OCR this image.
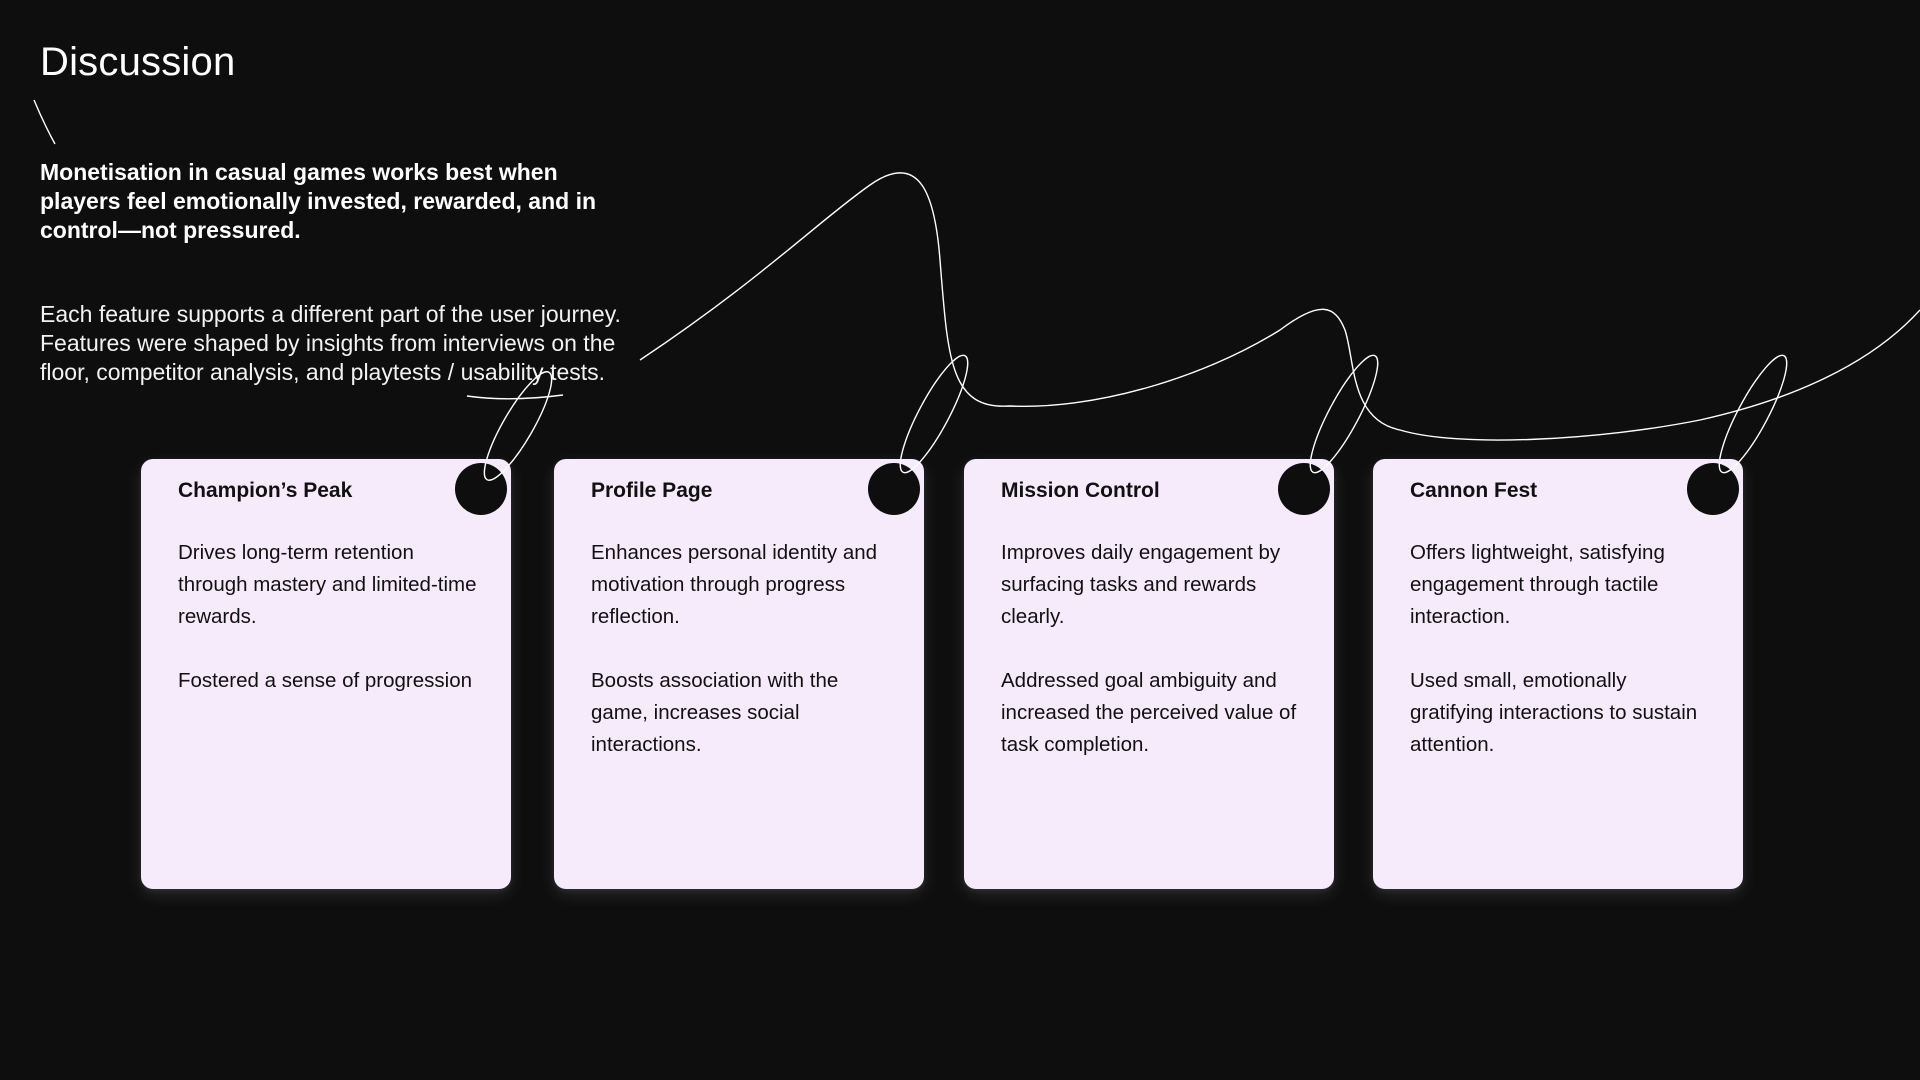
Discussion

Monetisation in casual games works best when players feel emotionally invested, rewarded, and in control—not pressured.

Each feature supports a different part of the user journey. Features were shaped by insights from interviews on the floor, competitor analysis, and playtests / usability tests.

Champion’s Peak

Drives long-term retention through mastery and limited-time rewards.

Fostered a sense of progression

Profile Page

Enhances personal identity and motivation through progress reflection.

Boosts association with the game, increases social interactions.

Mission Control

Improves daily engagement by surfacing tasks and rewards clearly.

Addressed goal ambiguity and increased the perceived value of task completion.

Cannon Fest

Offers lightweight, satisfying engagement through tactile interaction.

Used small, emotionally gratifying interactions to sustain attention.
